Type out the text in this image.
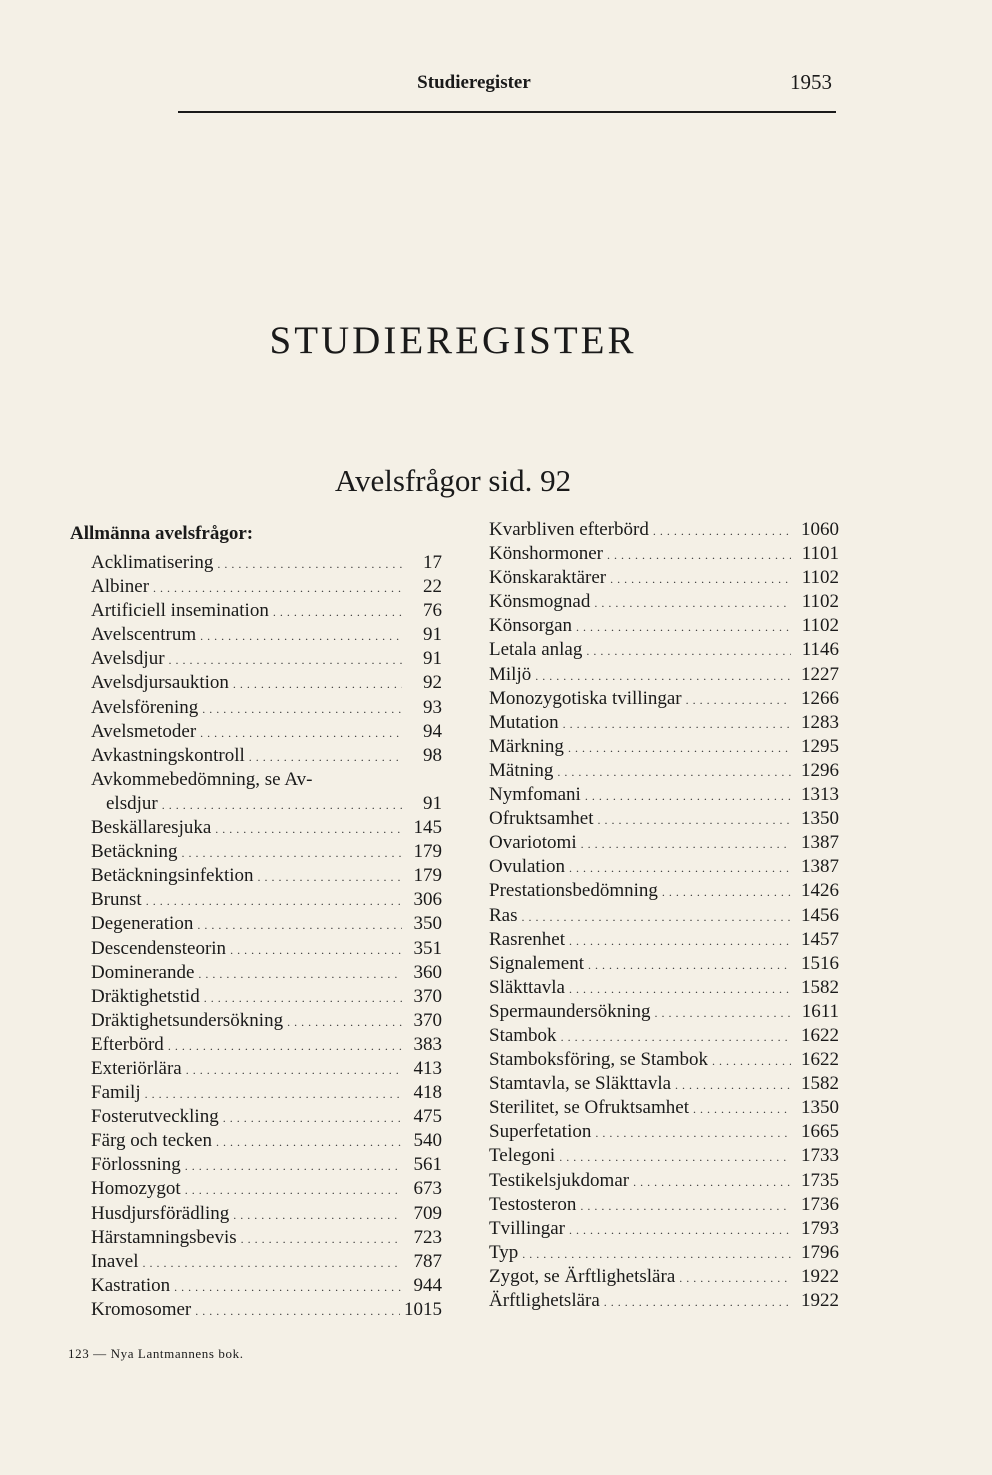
Studieregister	1953
STUDIEREGISTER
Avelsfrågor sid. 92
Allmänna avelsfrågor:
Acklimatisering . . .	17
Albiner . . .	22
Artificiell insemination . . .	76
Avelscentrum . . .	91
Avelsdjur . . .	91
Avelsdjursauktion . . .	92
Avelsförening . . .	93
Avelsmetoder . . .	94
Avkastningskontroll . . .	98
Avkommebedömning, se Av-
elsdjur . . .	91
Beskällaresjuka . . .	145
Betäckning . . .	179
Betäckningsinfektion . . .	179
Brunst . . .	306
Degeneration . . .	350
Descendensteorin . . .	351
Dominerande . . .	360
Dräktighetstid . . .	370
Dräktighetsundersökning . . .	370
Efterbörd . . .	383
Exteriörlära . . .	413
Familj . . .	418
Fosterutveckling . . .	475
Färg och tecken . . .	540
Förlossning . . .	561
Homozygot . . .	673
Husdjursförädling . . .	709
Härstamningsbevis . . .	723
Inavel . . .	787
Kastration . . .	944
Kromosomer . . .	1015
Kvarbliven efterbörd . . .	1060
Könshormoner . . .	1101
Könskaraktärer . . .	1102
Könsmognad . . .	1102
Könsorgan . . .	1102
Letala anlag . . .	1146
Miljö . . .	1227
Monozygotiska tvillingar . . .	1266
Mutation . . .	1283
Märkning . . .	1295
Mätning . . .	1296
Nymfomani . . .	1313
Ofruktsamhet . . .	1350
Ovariotomi . . .	1387
Ovulation . . .	1387
Prestationsbedömning . . .	1426
Ras . . .	1456
Rasrenhet . . .	1457
Signalement . . .	1516
Släkttavla . . .	1582
Spermaundersökning . . .	1611
Stambok . . .	1622
Stamboksföring, se Stambok . . .	1622
Stamtavla, se Släkttavla . . .	1582
Sterilitet, se Ofruktsamhet . . .	1350
Superfetation . . .	1665
Telegoni . . .	1733
Testikelsjukdomar . . .	1735
Testosteron . . .	1736
Tvillingar . . .	1793
Typ . . .	1796
Zygot, se Ärftlighetslära . . .	1922
Ärftlighetslära . . .	1922
123 — Nya Lantmannens bok.
